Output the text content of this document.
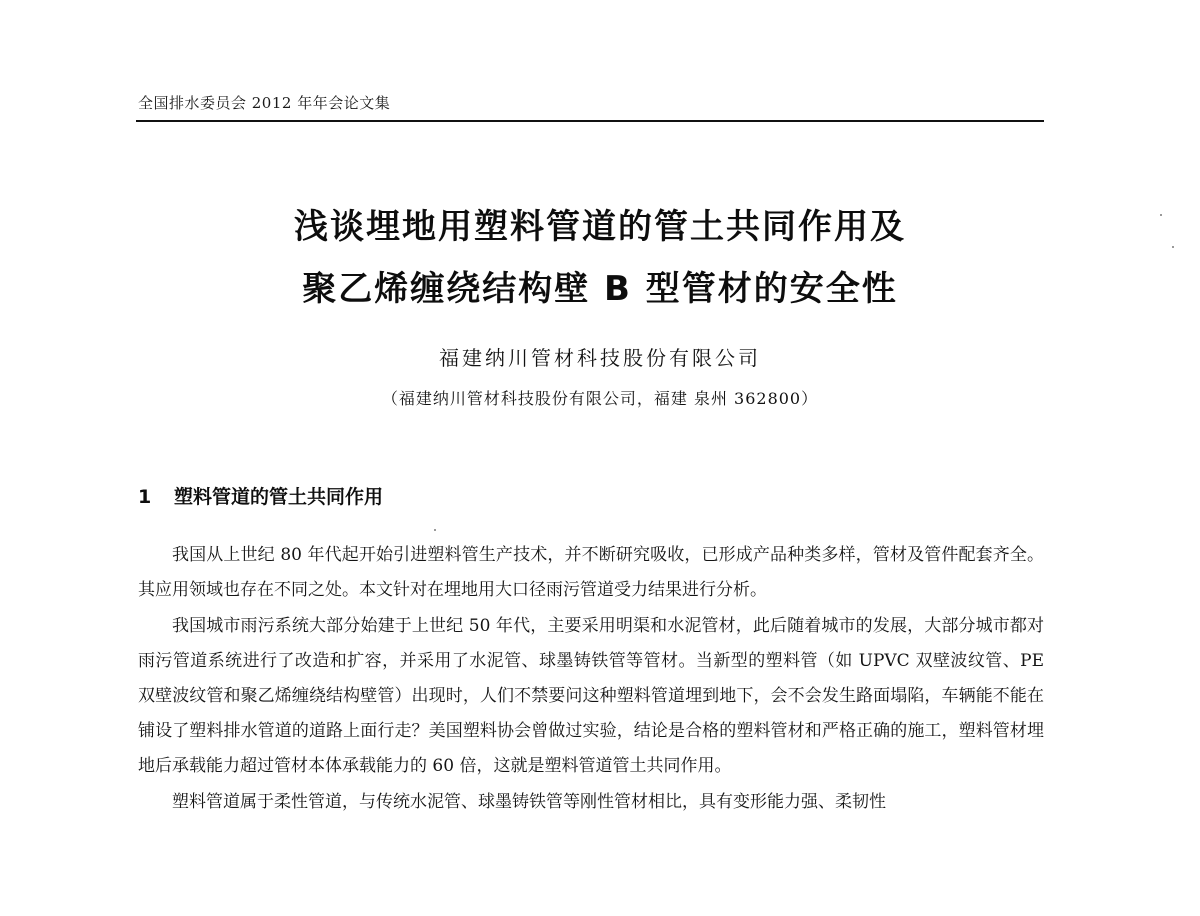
全国排水委员会 2012 年年会论文集
浅谈埋地用塑料管道的管土共同作用及
聚乙烯缠绕结构壁 B 型管材的安全性
福建纳川管材科技股份有限公司
（福建纳川管材科技股份有限公司，福建 泉州 362800）
1 塑料管道的管土共同作用

我国从上世纪 80 年代起开始引进塑料管生产技术，并不断研究吸收，已形成产品种类多样，管材及管件配套齐全。其应用领域也存在不同之处。本文针对在埋地用大口径雨污管道受力结果进行分析。

我国城市雨污系统大部分始建于上世纪 50 年代，主要采用明渠和水泥管材，此后随着城市的发展，大部分城市都对雨污管道系统进行了改造和扩容，并采用了水泥管、球墨铸铁管等管材。当新型的塑料管（如 UPVC 双壁波纹管、PE 双壁波纹管和聚乙烯缠绕结构壁管）出现时，人们不禁要问这种塑料管道埋到地下，会不会发生路面塌陷，车辆能不能在铺设了塑料排水管道的道路上面行走？美国塑料协会曾做过实验，结论是合格的塑料管材和严格正确的施工，塑料管材埋地后承载能力超过管材本体承载能力的 60 倍，这就是塑料管道管土共同作用。

塑料管道属于柔性管道，与传统水泥管、球墨铸铁管等刚性管材相比，具有变形能力强、柔韧性
